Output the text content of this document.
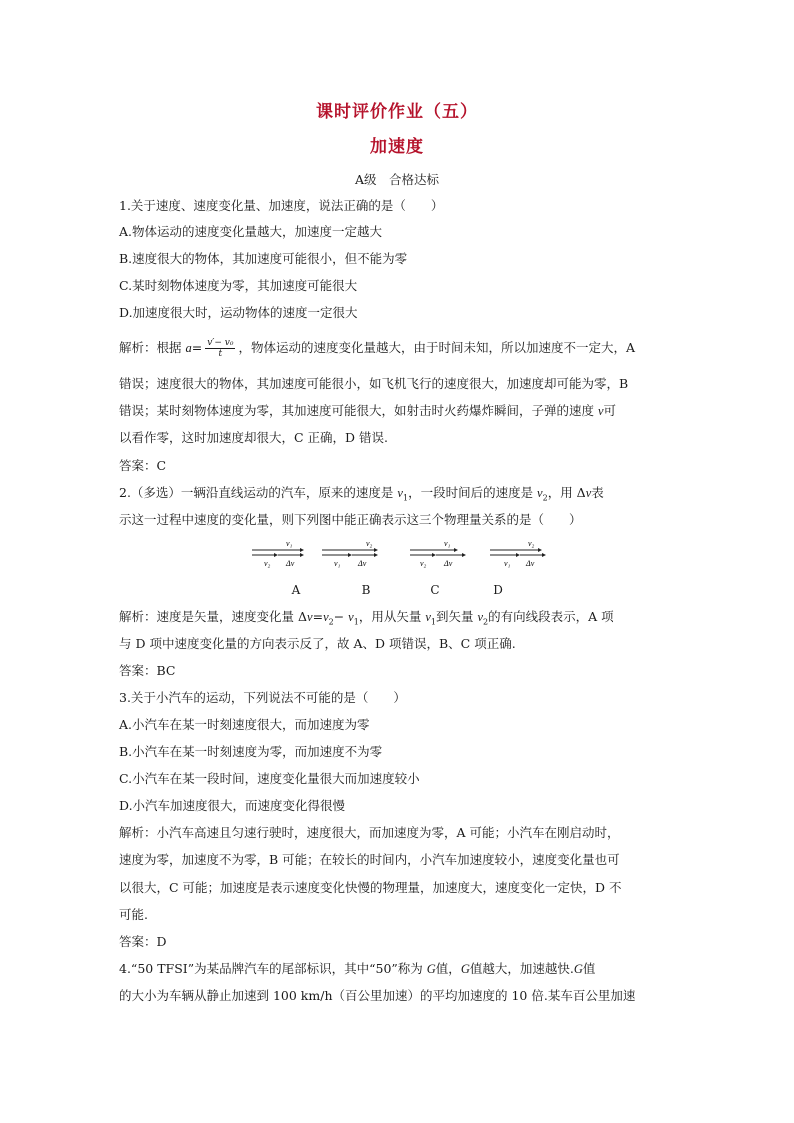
课时评价作业（五）
加速度
A级　合格达标
1.关于速度、速度变化量、加速度，说法正确的是（　　）
A.物体运动的速度变化量越大，加速度一定越大
B.速度很大的物体，其加速度可能很小，但不能为零
C.某时刻物体速度为零，其加速度可能很大
D.加速度很大时，运动物体的速度一定很大
解析：根据 $a= \frac{\text{v′− v₀}}{t}$ ，物体运动的速度变化量越大，由于时间未知，所以加速度不一定大，A
错误；速度很大的物体，其加速度可能很小，如飞机飞行的速度很大，加速度却可能为零，B
错误；某时刻物体速度为零，其加速度可能很大，如射击时火药爆炸瞬间，子弹的速度 v可
以看作零，这时加速度却很大，C 正确，D 错误.
答案：C
2.（多选）一辆沿直线运动的汽车，原来的速度是 $v_1$，一段时间后的速度是 $v_2$，用 Δv表
示这一过程中速度的变化量，则下列图中能正确表示这三个物理量关系的是（　　）
v₁
v₂ Δv
v₂
v₁ Δv
v₁
v₂ Δv
v₂
v₁ Δv
A	B	C	D
解析：速度是矢量，速度变化量 $\Delta v=v_2- v_1$，用从矢量 $v_1$到矢量 $v_2$的有向线段表示，A 项
与 D 项中速度变化量的方向表示反了，故 A、D 项错误，B、C 项正确.
答案：BC
3.关于小汽车的运动，下列说法不可能的是（　　）
A.小汽车在某一时刻速度很大，而加速度为零
B.小汽车在某一时刻速度为零，而加速度不为零
C.小汽车在某一段时间，速度变化量很大而加速度较小
D.小汽车加速度很大，而速度变化得很慢
解析：小汽车高速且匀速行驶时，速度很大，而加速度为零，A 可能；小汽车在刚启动时，
速度为零，加速度不为零，B 可能；在较长的时间内，小汽车加速度较小，速度变化量也可
以很大，C 可能；加速度是表示速度变化快慢的物理量，加速度大，速度变化一定快，D 不
可能.
答案：D
4.“50 TFSI”为某品牌汽车的尾部标识，其中“50”称为 G值，G值越大，加速越快.G值
的大小为车辆从静止加速到 100 km/h（百公里加速）的平均加速度的 10 倍.某车百公里加速
